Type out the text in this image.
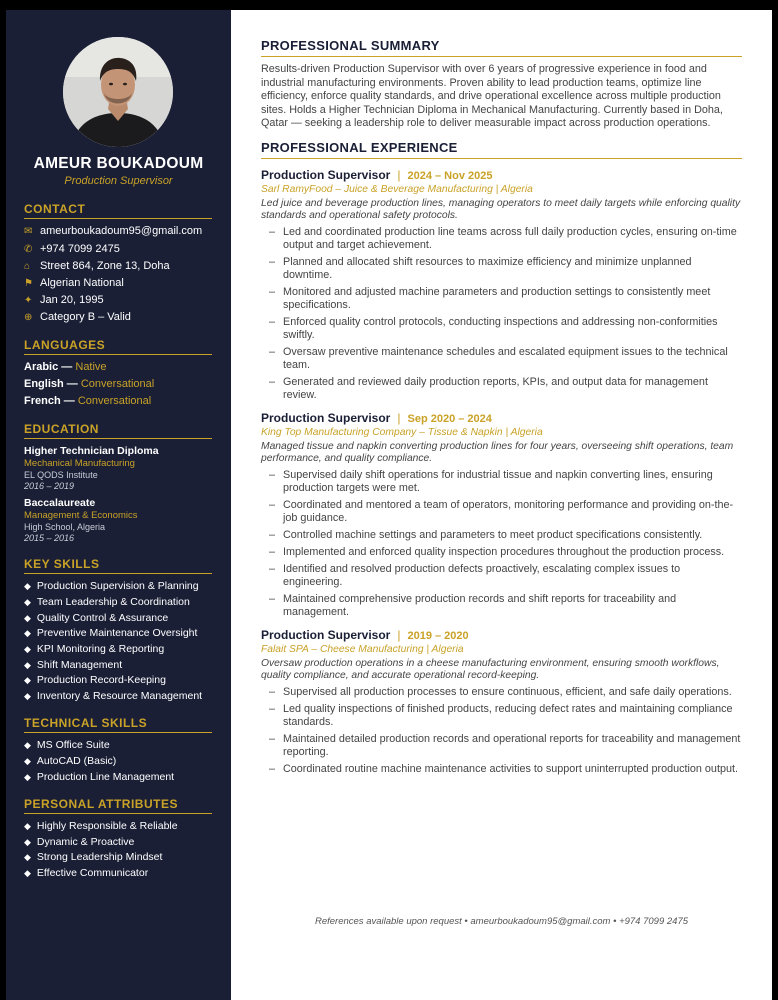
AMEUR BOUKADOUM
Production Supervisor
CONTACT
✉ ameurboukadoum95@gmail.com
✆ +974 7099 2475
⌂ Street 864, Zone 13, Doha
⚑ Algerian National
✦ Jan 20, 1995
⊕ Category B – Valid
LANGUAGES
Arabic — Native
English — Conversational
French — Conversational
EDUCATION
Higher Technician Diploma
Mechanical Manufacturing
EL QODS Institute
2016 – 2019
Baccalaureate
Management & Economics
High School, Algeria
2015 – 2016
KEY SKILLS
◆ Production Supervision & Planning
◆ Team Leadership & Coordination
◆ Quality Control & Assurance
◆ Preventive Maintenance Oversight
◆ KPI Monitoring & Reporting
◆ Shift Management
◆ Production Record-Keeping
◆ Inventory & Resource Management
TECHNICAL SKILLS
◆ MS Office Suite
◆ AutoCAD (Basic)
◆ Production Line Management
PERSONAL ATTRIBUTES
◆ Highly Responsible & Reliable
◆ Dynamic & Proactive
◆ Strong Leadership Mindset
◆ Effective Communicator
PROFESSIONAL SUMMARY

Results-driven Production Supervisor with over 6 years of progressive experience in food and industrial manufacturing environments. Proven ability to lead production teams, optimize line efficiency, enforce quality standards, and drive operational excellence across multiple production sites. Holds a Higher Technician Diploma in Mechanical Manufacturing. Currently based in Doha, Qatar — seeking a leadership role to deliver measurable impact across production operations.

PROFESSIONAL EXPERIENCE
Production Supervisor | 2024 – Nov 2025
Sarl RamyFood – Juice & Beverage Manufacturing | Algeria
Led juice and beverage production lines, managing operators to meet daily targets while enforcing quality standards and operational safety protocols.
– Led and coordinated production line teams across full daily production cycles, ensuring on-time output and target achievement.
– Planned and allocated shift resources to maximize efficiency and minimize unplanned downtime.
– Monitored and adjusted machine parameters and production settings to consistently meet specifications.
– Enforced quality control protocols, conducting inspections and addressing non-conformities swiftly.
– Oversaw preventive maintenance schedules and escalated equipment issues to the technical team.
– Generated and reviewed daily production reports, KPIs, and output data for management review.
Production Supervisor | Sep 2020 – 2024
King Top Manufacturing Company – Tissue & Napkin | Algeria
Managed tissue and napkin converting production lines for four years, overseeing shift operations, team performance, and quality compliance.
– Supervised daily shift operations for industrial tissue and napkin converting lines, ensuring production targets were met.
– Coordinated and mentored a team of operators, monitoring performance and providing on-the-job guidance.
– Controlled machine settings and parameters to meet product specifications consistently.
– Implemented and enforced quality inspection procedures throughout the production process.
– Identified and resolved production defects proactively, escalating complex issues to engineering.
– Maintained comprehensive production records and shift reports for traceability and management.
Production Supervisor | 2019 – 2020
Falait SPA – Cheese Manufacturing | Algeria
Oversaw production operations in a cheese manufacturing environment, ensuring smooth workflows, quality compliance, and accurate operational record-keeping.
– Supervised all production processes to ensure continuous, efficient, and safe daily operations.
– Led quality inspections of finished products, reducing defect rates and maintaining compliance standards.
– Maintained detailed production records and operational reports for traceability and management reporting.
– Coordinated routine machine maintenance activities to support uninterrupted production output.
References available upon request • ameurboukadoum95@gmail.com • +974 7099 2475
